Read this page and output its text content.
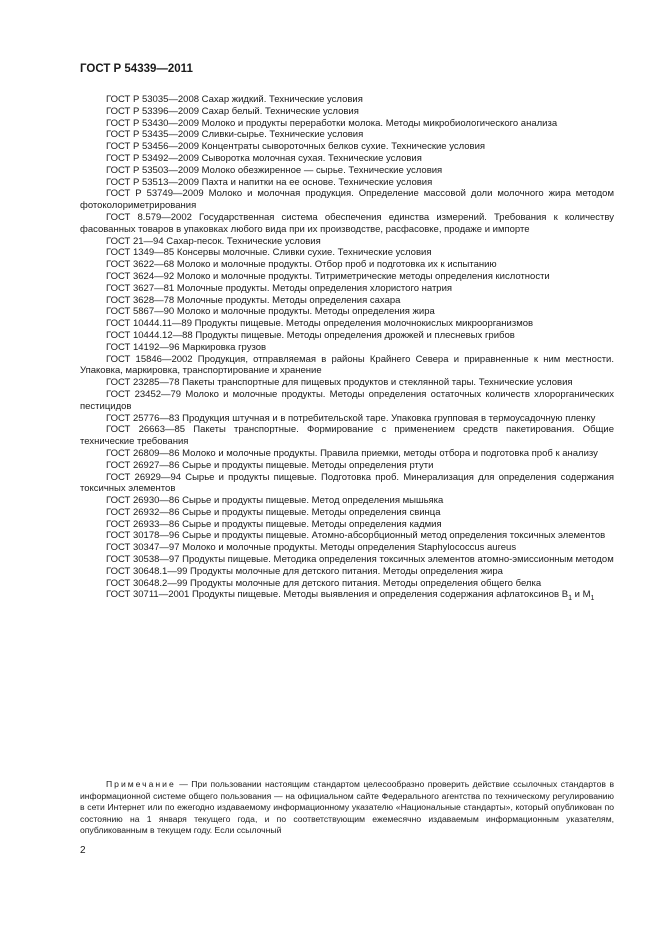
ГОСТ Р 54339—2011
ГОСТ Р 53035—2008 Сахар жидкий. Технические условия
ГОСТ Р 53396—2009 Сахар белый. Технические условия
ГОСТ Р 53430—2009 Молоко и продукты переработки молока. Методы микробиологического анализа
ГОСТ Р 53435—2009 Сливки-сырье. Технические условия
ГОСТ Р 53456—2009 Концентраты сывороточных белков сухие. Технические условия
ГОСТ Р 53492—2009 Сыворотка молочная сухая. Технические условия
ГОСТ Р 53503—2009 Молоко обезжиренное — сырье. Технические условия
ГОСТ Р 53513—2009 Пахта и напитки на ее основе. Технические условия
ГОСТ Р 53749—2009 Молоко и молочная продукция. Определение массовой доли молочного жира методом фотоколориметрирования
ГОСТ 8.579—2002 Государственная система обеспечения единства измерений. Требования к количеству фасованных товаров в упаковках любого вида при их производстве, расфасовке, продаже и импорте
ГОСТ 21—94 Сахар-песок. Технические условия
ГОСТ 1349—85 Консервы молочные. Сливки сухие. Технические условия
ГОСТ 3622—68 Молоко и молочные продукты. Отбор проб и подготовка их к испытанию
ГОСТ 3624—92 Молоко и молочные продукты. Титриметрические методы определения кислотности
ГОСТ 3627—81 Молочные продукты. Методы определения хлористого натрия
ГОСТ 3628—78 Молочные продукты. Методы определения сахара
ГОСТ 5867—90 Молоко и молочные продукты. Методы определения жира
ГОСТ 10444.11—89 Продукты пищевые. Методы определения молочнокислых микроорганизмов
ГОСТ 10444.12—88 Продукты пищевые. Методы определения дрожжей и плесневых грибов
ГОСТ 14192—96 Маркировка грузов
ГОСТ 15846—2002 Продукция, отправляемая в районы Крайнего Севера и приравненные к ним местности. Упаковка, маркировка, транспортирование и хранение
ГОСТ 23285—78 Пакеты транспортные для пищевых продуктов и стеклянной тары. Технические условия
ГОСТ 23452—79 Молоко и молочные продукты. Методы определения остаточных количеств хлорорганических пестицидов
ГОСТ 25776—83 Продукция штучная и в потребительской таре. Упаковка групповая в термоусадочную пленку
ГОСТ 26663—85 Пакеты транспортные. Формирование с применением средств пакетирования. Общие технические требования
ГОСТ 26809—86 Молоко и молочные продукты. Правила приемки, методы отбора и подготовка проб к анализу
ГОСТ 26927—86 Сырье и продукты пищевые. Методы определения ртути
ГОСТ 26929—94 Сырье и продукты пищевые. Подготовка проб. Минерализация для определения содержания токсичных элементов
ГОСТ 26930—86 Сырье и продукты пищевые. Метод определения мышьяка
ГОСТ 26932—86 Сырье и продукты пищевые. Методы определения свинца
ГОСТ 26933—86 Сырье и продукты пищевые. Методы определения кадмия
ГОСТ 30178—96 Сырье и продукты пищевые. Атомно-абсорбционный метод определения токсичных элементов
ГОСТ 30347—97 Молоко и молочные продукты. Методы определения Staphylococcus aureus
ГОСТ 30538—97 Продукты пищевые. Методика определения токсичных элементов атомно-эмиссионным методом
ГОСТ 30648.1—99 Продукты молочные для детского питания. Методы определения жира
ГОСТ 30648.2—99 Продукты молочные для детского питания. Методы определения общего белка
ГОСТ 30711—2001 Продукты пищевые. Методы выявления и определения содержания афлатоксинов $В_1$ и $М_1$
Примечание — При пользовании настоящим стандартом целесообразно проверить действие ссылочных стандартов в информационной системе общего пользования — на официальном сайте Федерального агентства по техническому регулированию в сети Интернет или по ежегодно издаваемому информационному указателю «Национальные стандарты», который опубликован по состоянию на 1 января текущего года, и по соответствующим ежемесячно издаваемым информационным указателям, опубликованным в текущем году. Если ссылочный
2
